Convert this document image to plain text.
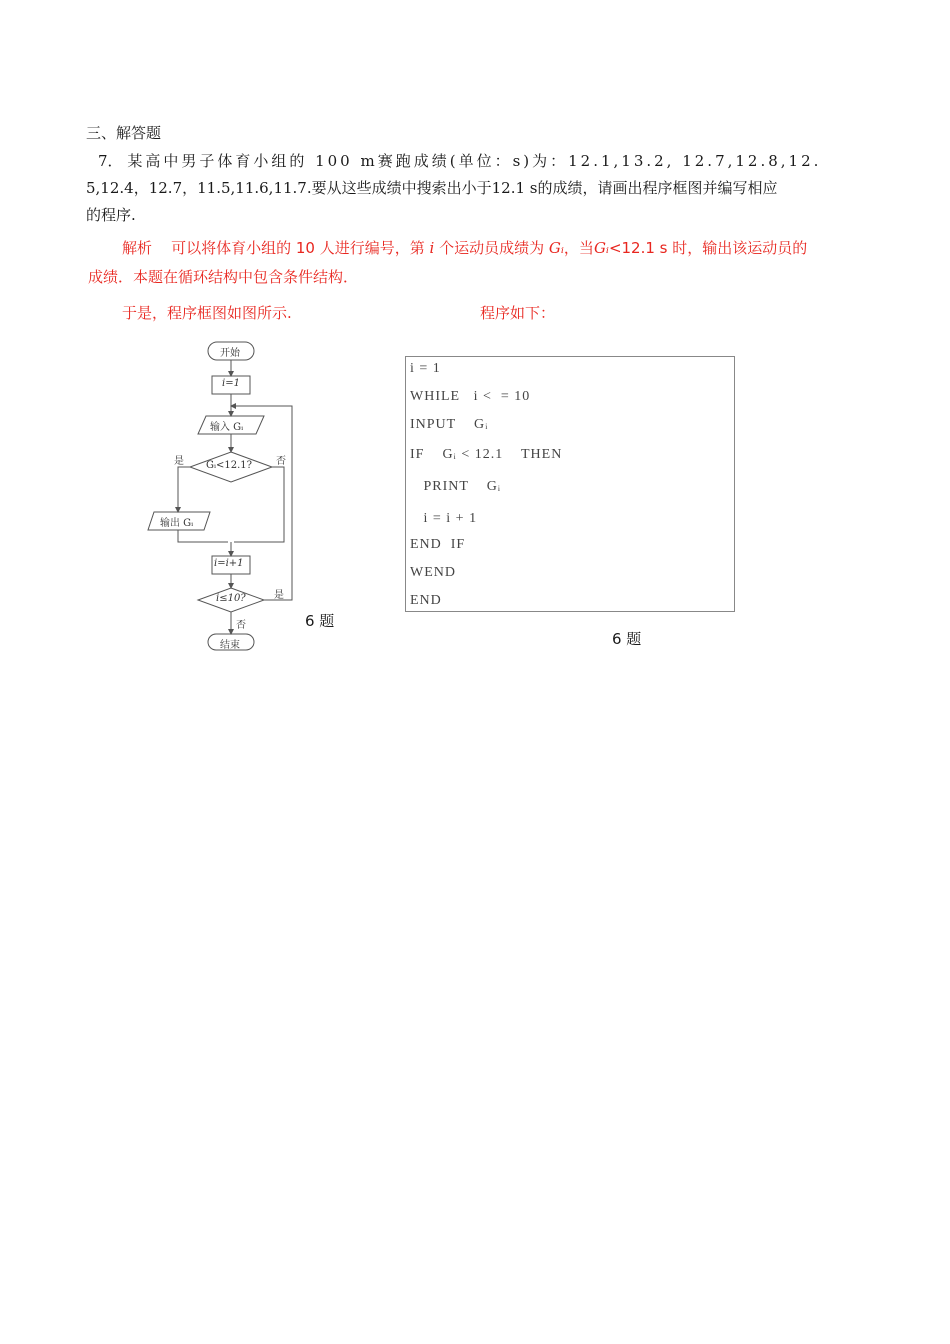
三、解答题
7． 某高中男子体育小组的 100 m赛跑成绩(单位：s)为：12.1,13.2, 12.7,12.8,12.
5,12.4，12.7，11.5,11.6,11.7.要从这些成绩中搜索出小于12.1 s的成绩，请画出程序框图并编写相应
的程序.
解析 可以将体育小组的 10 人进行编号，第 i 个运动员成绩为 Gᵢ，当Gᵢ<12.1 s 时，输出该运动员的
成绩．本题在循环结构中包含条件结构．
于是，程序框图如图所示.	程序如下：
开始
i=1
输入 Gᵢ
Gᵢ<12.1?
是	否
输出 Gᵢ
i=i+1
i≤10?	是
否
结束
6 题
i = 1
WHILE   i <  = 10
INPUT    Gᵢ
IF    Gᵢ < 12.1    THEN
PRINT    Gᵢ
i = i + 1
END  IF
WEND
END
6 题
